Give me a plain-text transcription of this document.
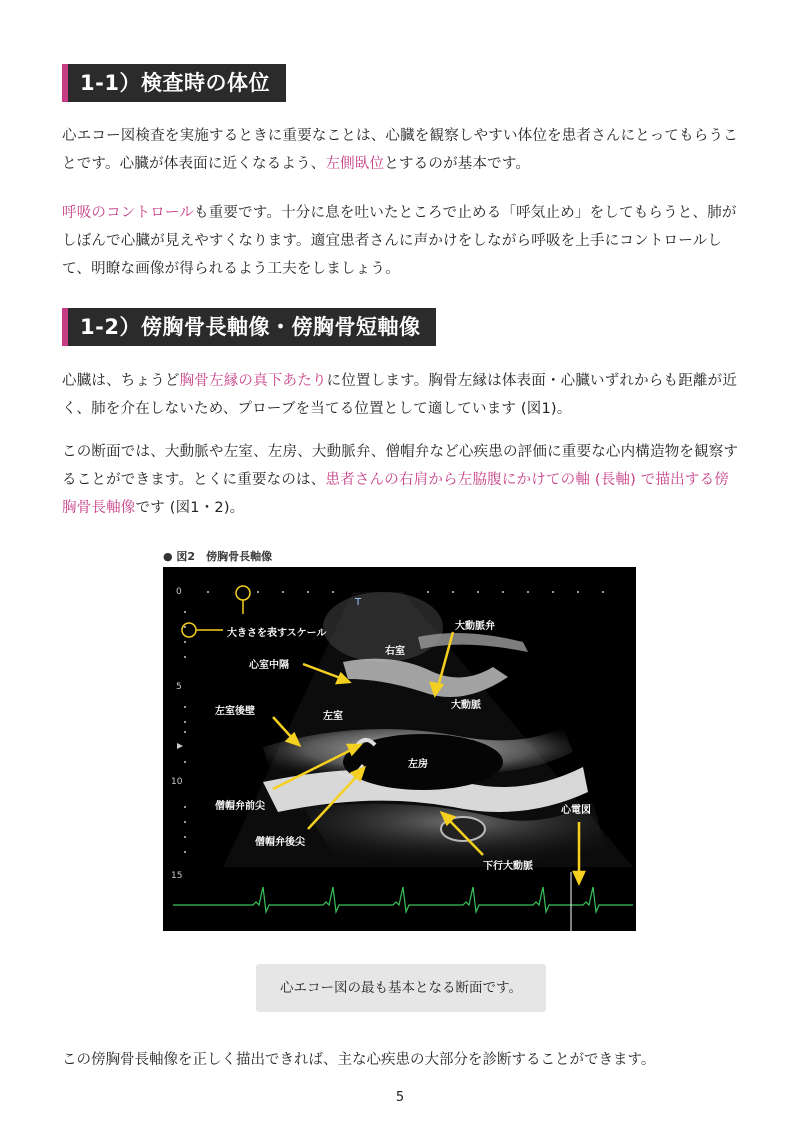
1-1）検査時の体位
心エコー図検査を実施するときに重要なことは、心臓を観察しやすい体位を患者さんにとってもらうことです。心臓が体表面に近くなるよう、左側臥位とするのが基本です。
呼吸のコントロールも重要です。十分に息を吐いたところで止める「呼気止め」をしてもらうと、肺がしぼんで心臓が見えやすくなります。適宜患者さんに声かけをしながら呼吸を上手にコントロールして、明瞭な画像が得られるよう工夫をしましょう。
1-2）傍胸骨長軸像・傍胸骨短軸像
心臓は、ちょうど胸骨左縁の真下あたりに位置します。胸骨左縁は体表面・心臓いずれからも距離が近く、肺を介在しないため、プローブを当てる位置として適しています (図1)。
この断面では、大動脈や左室、左房、大動脈弁、僧帽弁など心疾患の評価に重要な心内構造物を観察することができます。とくに重要なのは、患者さんの右肩から左脇腹にかけての軸 (長軸) で描出する傍胸骨長軸像です (図1・2)。
● 図2　傍胸骨長軸像
T
0
5
10
15
大きさを表すスケール
心室中隔
右室
大動脈弁
大動脈
左室後壁	左室
左房
僧帽弁前尖
僧帽弁後尖
下行大動脈
心電図
心エコー図の最も基本となる断面です。
この傍胸骨長軸像を正しく描出できれば、主な心疾患の大部分を診断することができます。
5
